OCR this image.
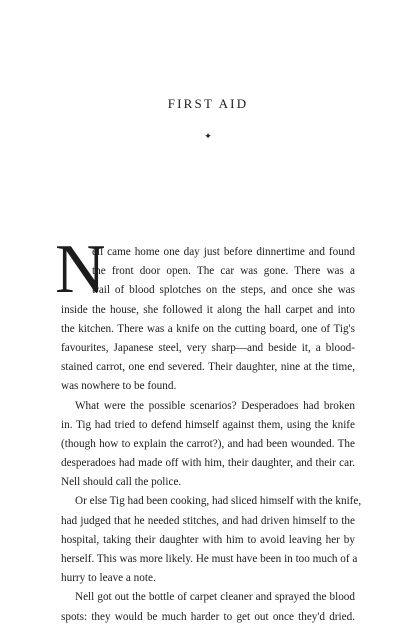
FIRST AID
✦
N
ell came home one day just before dinnertime and found
the front door open. The car was gone. There was a
trail of blood splotches on the steps, and once she was
inside the house, she followed it along the hall carpet and into
the kitchen. There was a knife on the cutting board, one of Tig's
favourites, Japanese steel, very sharp—and beside it, a blood-
stained carrot, one end severed. Their daughter, nine at the time,
was nowhere to be found.
What were the possible scenarios? Desperadoes had broken
in. Tig had tried to defend himself against them, using the knife
(though how to explain the carrot?), and had been wounded. The
desperadoes had made off with him, their daughter, and their car.
Nell should call the police.
Or else Tig had been cooking, had sliced himself with the knife,
had judged that he needed stitches, and had driven himself to the
hospital, taking their daughter with him to avoid leaving her by
herself. This was more likely. He must have been in too much of a
hurry to leave a note.
Nell got out the bottle of carpet cleaner and sprayed the blood
spots: they would be much harder to get out once they'd dried.
